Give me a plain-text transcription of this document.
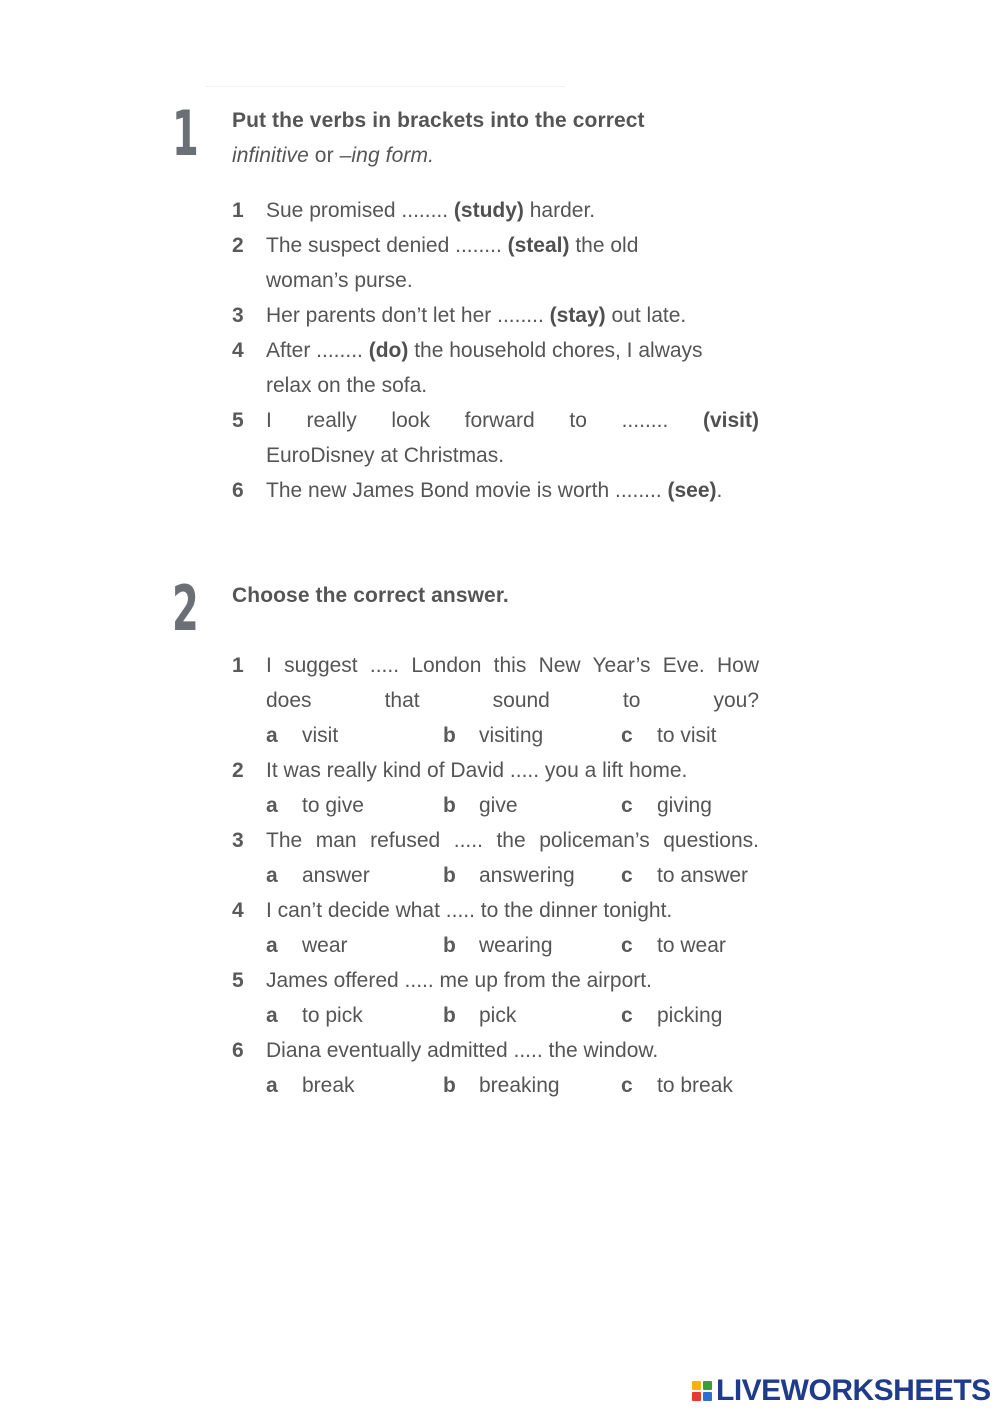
1 Put the verbs in brackets into the correct
infinitive or –ing form.
1 Sue promised ........ (study) harder.
2 The suspect denied ........ (steal) the old woman’s purse.
3 Her parents don’t let her ........ (stay) out late.
4 After ........ (do) the household chores, I always relax on the sofa.
5 I really look forward to ........ (visit)
EuroDisney at Christmas.
6 The new James Bond movie is worth ........ (see).
2 Choose the correct answer.
1 I suggest ..... London this New Year’s Eve. How does that sound to you?
a visit	b visiting	c to visit
2 It was really kind of David ..... you a lift home.
a to give	b give	c giving
3 The man refused ..... the policeman’s questions.
a answer	b answering c to answer
4 I can’t decide what ..... to the dinner tonight.
a wear	b wearing	c to wear
5 James offered ..... me up from the airport.
a to pick	b pick	c picking
6 Diana eventually admitted ..... the window.
a break	b breaking	c to break
LIVEWORKSHEETS
